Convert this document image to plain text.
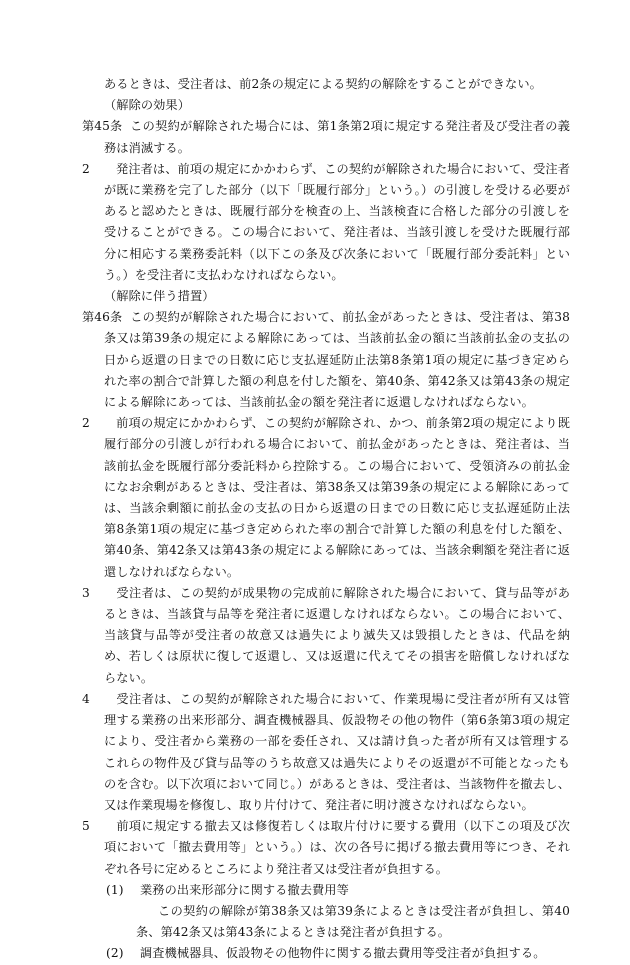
あるときは、受注者は、前2条の規定による契約の解除をすることができない。

（解除の効果）

第45条 この契約が解除された場合には、第1条第2項に規定する発注者及び受注者の義務は消滅する。

2 発注者は、前項の規定にかかわらず、この契約が解除された場合において、受注者が既に業務を完了した部分（以下「既履行部分」という。）の引渡しを受ける必要があると認めたときは、既履行部分を検査の上、当該検査に合格した部分の引渡しを受けることができる。この場合において、発注者は、当該引渡しを受けた既履行部分に相応する業務委託料（以下この条及び次条において「既履行部分委託料」という。）を受注者に支払わなければならない。

（解除に伴う措置）

第46条 この契約が解除された場合において、前払金があったときは、受注者は、第38条又は第39条の規定による解除にあっては、当該前払金の額に当該前払金の支払の日から返還の日までの日数に応じ支払遅延防止法第8条第1項の規定に基づき定められた率の割合で計算した額の利息を付した額を、第40条、第42条又は第43条の規定による解除にあっては、当該前払金の額を発注者に返還しなければならない。

2 前項の規定にかかわらず、この契約が解除され、かつ、前条第2項の規定により既履行部分の引渡しが行われる場合において、前払金があったときは、発注者は、当該前払金を既履行部分委託料から控除する。この場合において、受領済みの前払金になお余剰があるときは、受注者は、第38条又は第39条の規定による解除にあっては、当該余剰額に前払金の支払の日から返還の日までの日数に応じ支払遅延防止法第8条第1項の規定に基づき定められた率の割合で計算した額の利息を付した額を、第40条、第42条又は第43条の規定による解除にあっては、当該余剰額を発注者に返還しなければならない。

3 受注者は、この契約が成果物の完成前に解除された場合において、貸与品等があるときは、当該貸与品等を発注者に返還しなければならない。この場合において、当該貸与品等が受注者の故意又は過失により滅失又は毀損したときは、代品を納め、若しくは原状に復して返還し、又は返還に代えてその損害を賠償しなければならない。

4 受注者は、この契約が解除された場合において、作業現場に受注者が所有又は管理する業務の出来形部分、調査機械器具、仮設物その他の物件（第6条第3項の規定により、受注者から業務の一部を委任され、又は請け負った者が所有又は管理するこれらの物件及び貸与品等のうち故意又は過失によりその返還が不可能となったものを含む。以下次項において同じ。）があるときは、受注者は、当該物件を撤去し、又は作業現場を修復し、取り片付けて、発注者に明け渡さなければならない。

5 前項に規定する撤去又は修復若しくは取片付けに要する費用（以下この項及び次項において「撤去費用等」という。）は、次の各号に掲げる撤去費用等につき、それぞれ各号に定めるところにより発注者又は受注者が負担する。

(1) 業務の出来形部分に関する撤去費用等

この契約の解除が第38条又は第39条によるときは受注者が負担し、第40条、第42条又は第43条によるときは発注者が負担する。

(2) 調査機械器具、仮設物その他物件に関する撤去費用等受注者が負担する。
